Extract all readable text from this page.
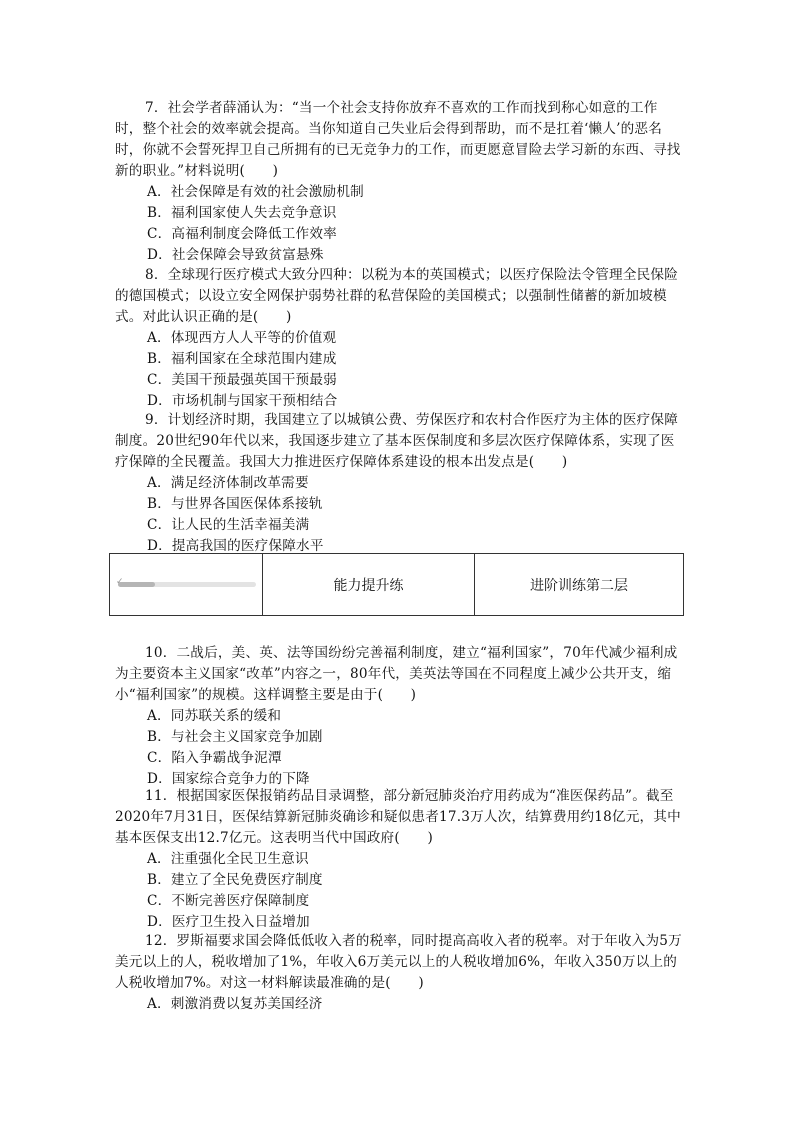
7．社会学者薛涌认为：“当一个社会支持你放弃不喜欢的工作而找到称心如意的工作时，整个社会的效率就会提高。当你知道自己失业后会得到帮助，而不是扛着‘懒人’的恶名时，你就不会誓死捍卫自己所拥有的已无竞争力的工作，而更愿意冒险去学习新的东西、寻找新的职业。”材料说明(　　)

A．社会保障是有效的社会激励机制

B．福利国家使人失去竞争意识

C．高福利制度会降低工作效率

D．社会保障会导致贫富悬殊

8．全球现行医疗模式大致分四种：以税为本的英国模式；以医疗保险法令管理全民保险的德国模式；以设立安全网保护弱势社群的私营保险的美国模式；以强制性储蓄的新加坡模式。对此认识正确的是(　　)

A．体现西方人人平等的价值观

B．福利国家在全球范围内建成

C．美国干预最强英国干预最弱

D．市场机制与国家干预相结合

9．计划经济时期，我国建立了以城镇公费、劳保医疗和农村合作医疗为主体的医疗保障制度。20世纪90年代以来，我国逐步建立了基本医保制度和多层次医疗保障体系，实现了医疗保障的全民覆盖。我国大力推进医疗保障体系建设的根本出发点是(　　)

A．满足经济体制改革需要

B．与世界各国医保体系接轨

C．让人民的生活幸福美满

D．提高我国的医疗保障水平

✓	能力提升练	进阶训练第二层

10．二战后，美、英、法等国纷纷完善福利制度，建立“福利国家”，70年代减少福利成为主要资本主义国家“改革”内容之一，80年代，美英法等国在不同程度上减少公共开支，缩小“福利国家”的规模。这样调整主要是由于(　　)

A．同苏联关系的缓和

B．与社会主义国家竞争加剧

C．陷入争霸战争泥潭

D．国家综合竞争力的下降

11．根据国家医保报销药品目录调整，部分新冠肺炎治疗用药成为“准医保药品”。截至2020年7月31日，医保结算新冠肺炎确诊和疑似患者17.3万人次，结算费用约18亿元，其中基本医保支出12.7亿元。这表明当代中国政府(　　)

A．注重强化全民卫生意识

B．建立了全民免费医疗制度

C．不断完善医疗保障制度

D．医疗卫生投入日益增加

12．罗斯福要求国会降低低收入者的税率，同时提高高收入者的税率。对于年收入为5万美元以上的人，税收增加了1%，年收入6万美元以上的人税收增加6%，年收入350万以上的人税收增加7%。对这一材料解读最准确的是(　　)

A．刺激消费以复苏美国经济
